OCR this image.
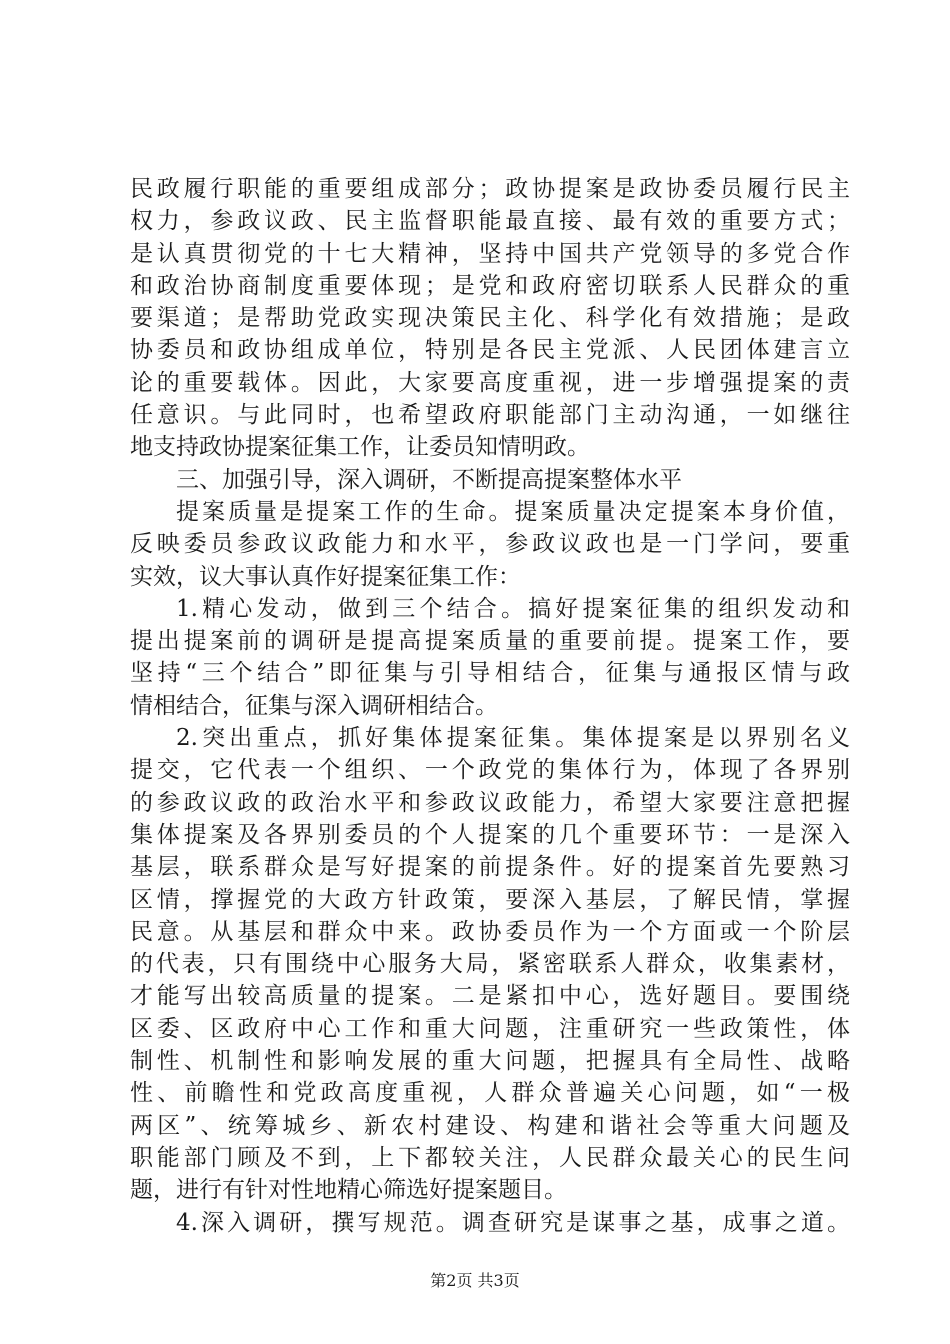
民政履行职能的重要组成部分；政协提案是政协委员履行民主
权力，参政议政、民主监督职能最直接、最有效的重要方式；
是认真贯彻党的十七大精神，坚持中国共产党领导的多党合作
和政治协商制度重要体现；是党和政府密切联系人民群众的重
要渠道；是帮助党政实现决策民主化、科学化有效措施；是政
协委员和政协组成单位，特别是各民主党派、人民团体建言立
论的重要载体。因此，大家要高度重视，进一步增强提案的责
任意识。与此同时，也希望政府职能部门主动沟通，一如继往
地支持政协提案征集工作，让委员知情明政。
三、加强引导，深入调研，不断提高提案整体水平
提案质量是提案工作的生命。提案质量决定提案本身价值，
反映委员参政议政能力和水平，参政议政也是一门学问，要重
实效，议大事认真作好提案征集工作：
1.精心发动，做到三个结合。搞好提案征集的组织发动和
提出提案前的调研是提高提案质量的重要前提。提案工作，要
坚持“三个结合”即征集与引导相结合，征集与通报区情与政
情相结合，征集与深入调研相结合。
2.突出重点，抓好集体提案征集。集体提案是以界别名义
提交，它代表一个组织、一个政党的集体行为，体现了各界别
的参政议政的政治水平和参政议政能力，希望大家要注意把握
集体提案及各界别委员的个人提案的几个重要环节：一是深入
基层，联系群众是写好提案的前提条件。好的提案首先要熟习
区情，撑握党的大政方针政策，要深入基层，了解民情，掌握
民意。从基层和群众中来。政协委员作为一个方面或一个阶层
的代表，只有围绕中心服务大局，紧密联系人群众，收集素材，
才能写出较高质量的提案。二是紧扣中心，选好题目。要围绕
区委、区政府中心工作和重大问题，注重研究一些政策性，体
制性、机制性和影响发展的重大问题，把握具有全局性、战略
性、前瞻性和党政高度重视，人群众普遍关心问题，如“一极
两区”、统筹城乡、新农村建设、构建和谐社会等重大问题及
职能部门顾及不到，上下都较关注，人民群众最关心的民生问
题，进行有针对性地精心筛选好提案题目。
4.深入调研，撰写规范。调查研究是谋事之基，成事之道。
第2页 共3页
